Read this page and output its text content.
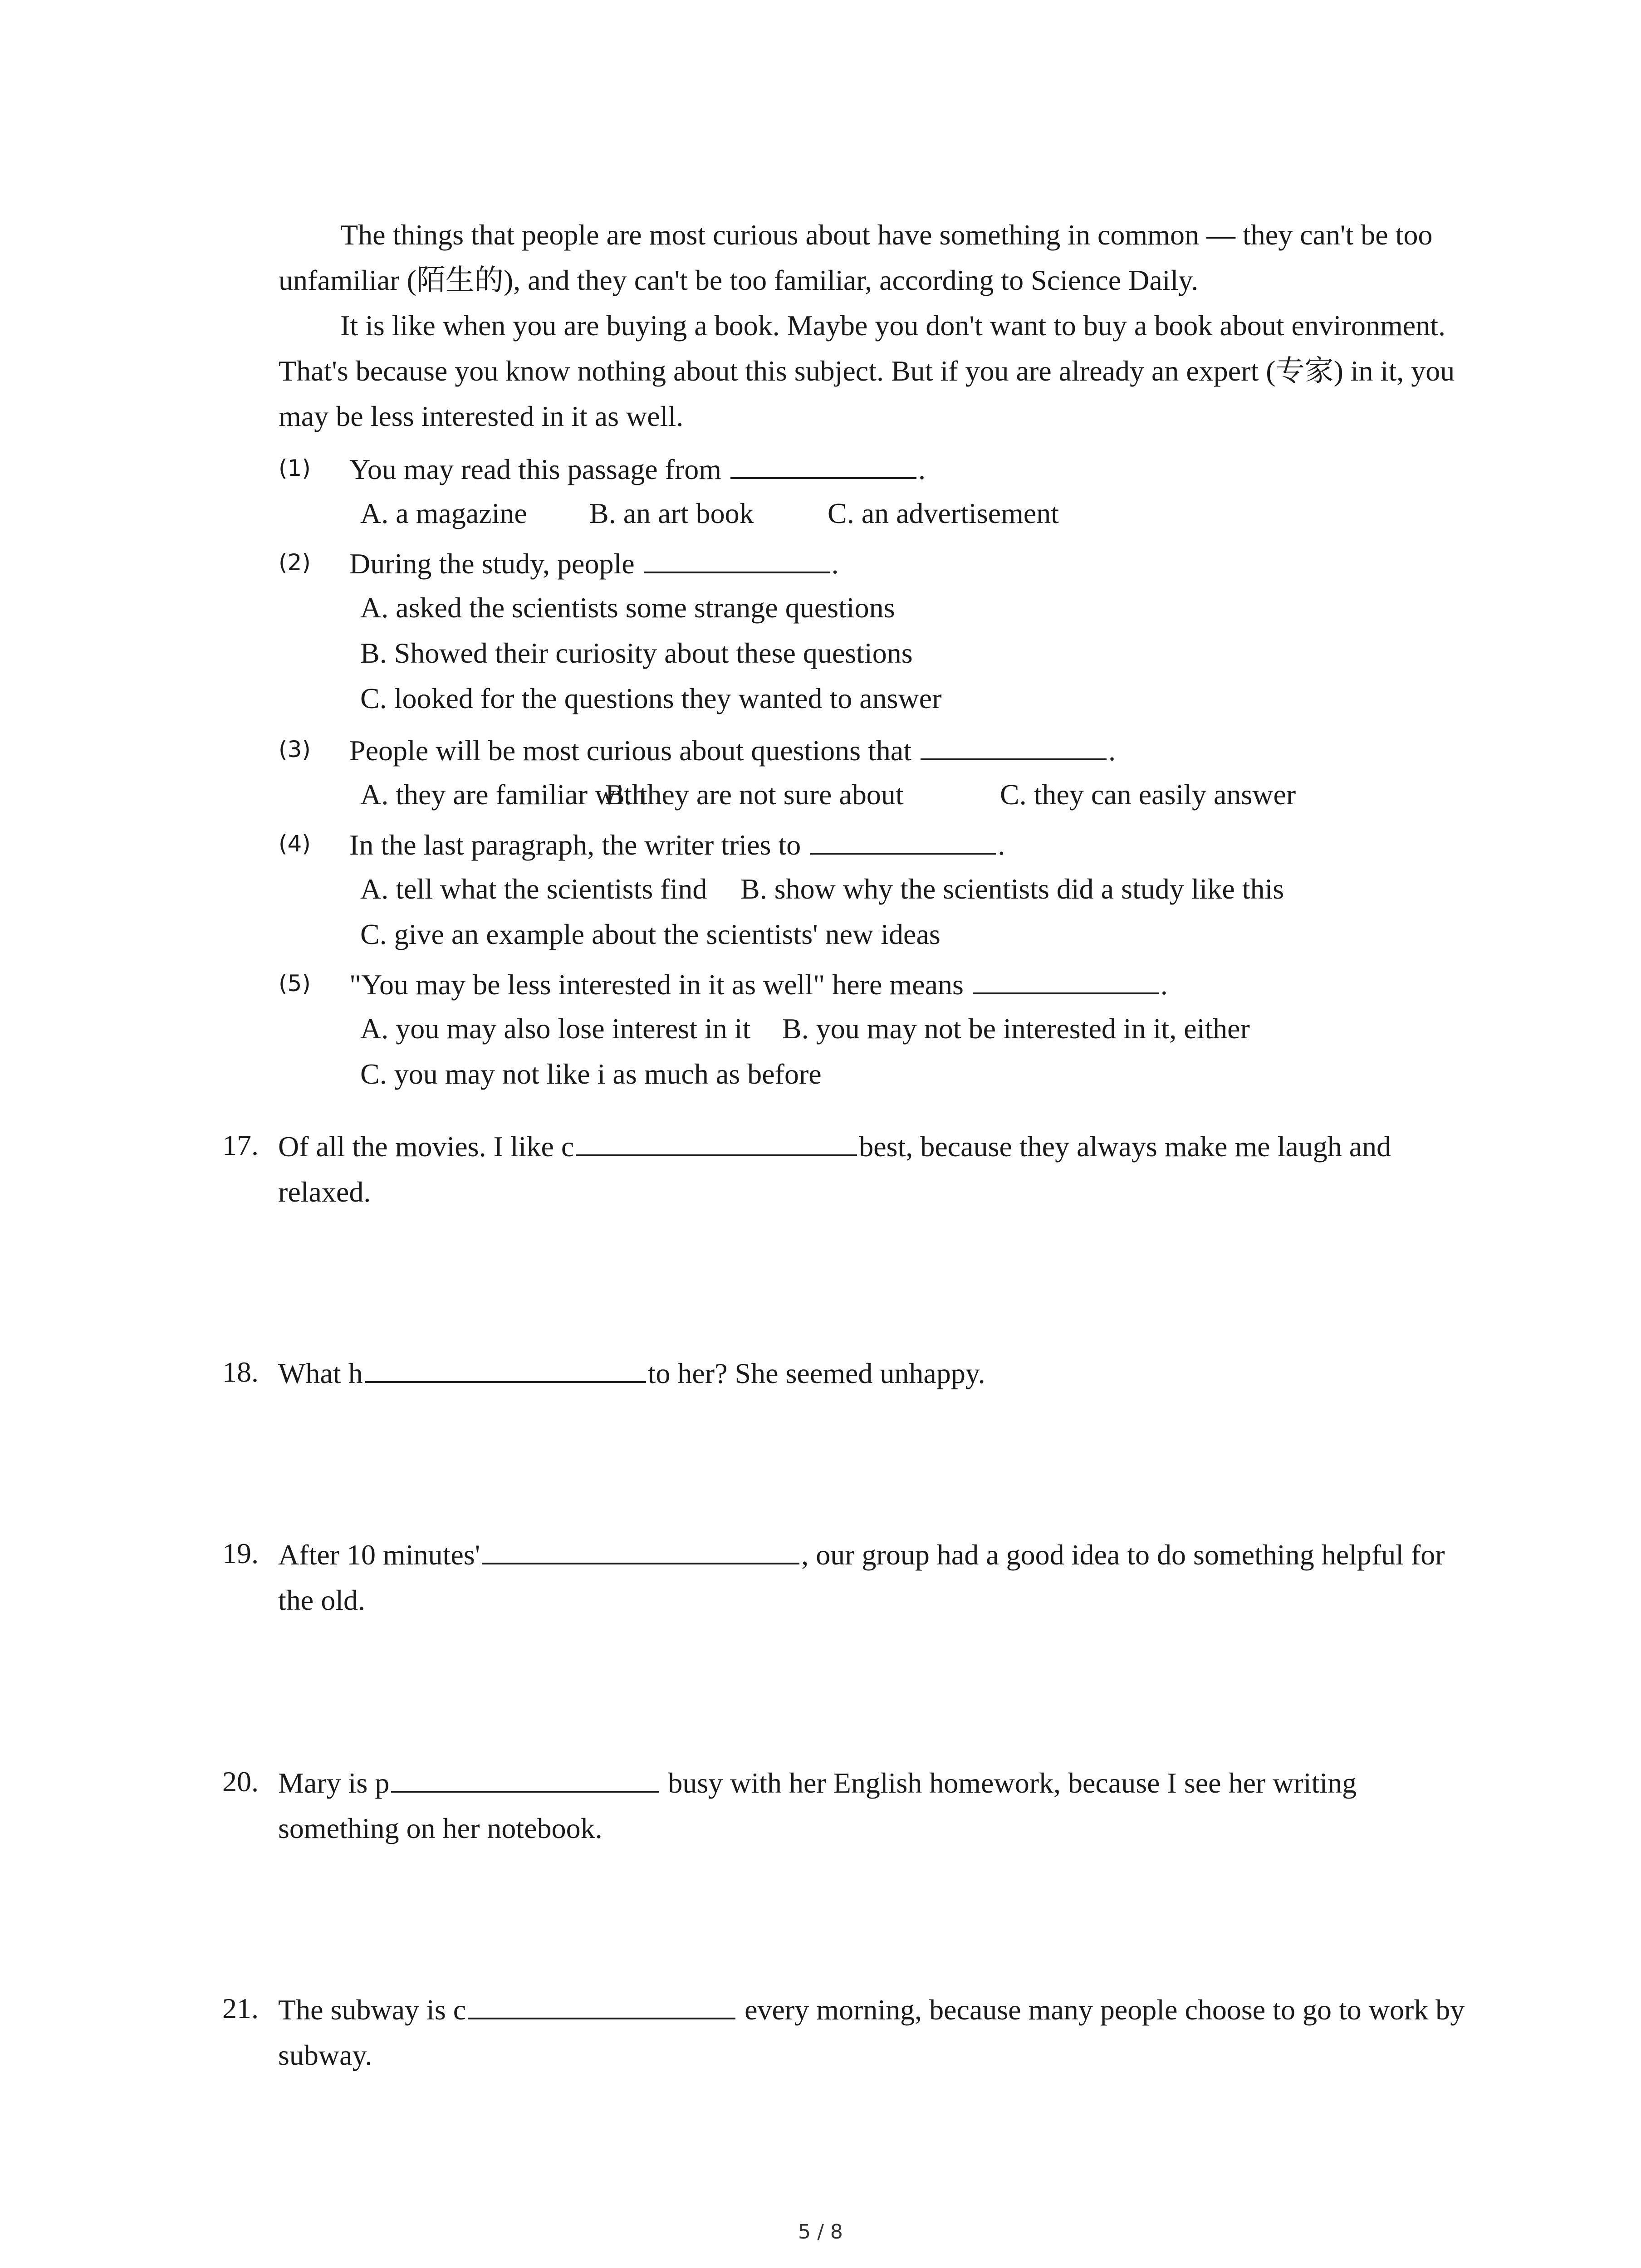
The things that people are most curious about have something in common — they can't be too unfamiliar (陌生的), and they can't be too familiar, according to Science Daily.

It is like when you are buying a book. Maybe you don't want to buy a book about environment. That's because you know nothing about this subject. But if you are already an expert (专家) in it, you may be less interested in it as well.

(1) You may read this passage from	.
A. a magazine B. an art book	C. an advertisement
(2) During the study, people	.
A. asked the scientists some strange questions
B. Showed their curiosity about these questions
C. looked for the questions they wanted to answer
(3) People will be most curious about questions that	.
A. they are familiar with
B. they are not sure about	C. they can easily answer
(4) In the last paragraph, the writer tries to	.
A. tell what the scientists find B. show why the scientists did a study like this
C. give an example about the scientists' new ideas
(5) "You may be less interested in it as well" here means	.
A. you may also lose interest in it B. you may not be interested in it, either
C. you may not like i as much as before
17. Of all the movies. I like c	best, because they always make me laugh and relaxed.
18. What h	to her? She seemed unhappy.
19. After 10 minutes'	, our group had a good idea to do something helpful for the old.
20. Mary is p	busy with her English homework, because I see her writing something on her notebook.
21. The subway is c	every morning, because many people choose to go to work by subway.
5 / 8
